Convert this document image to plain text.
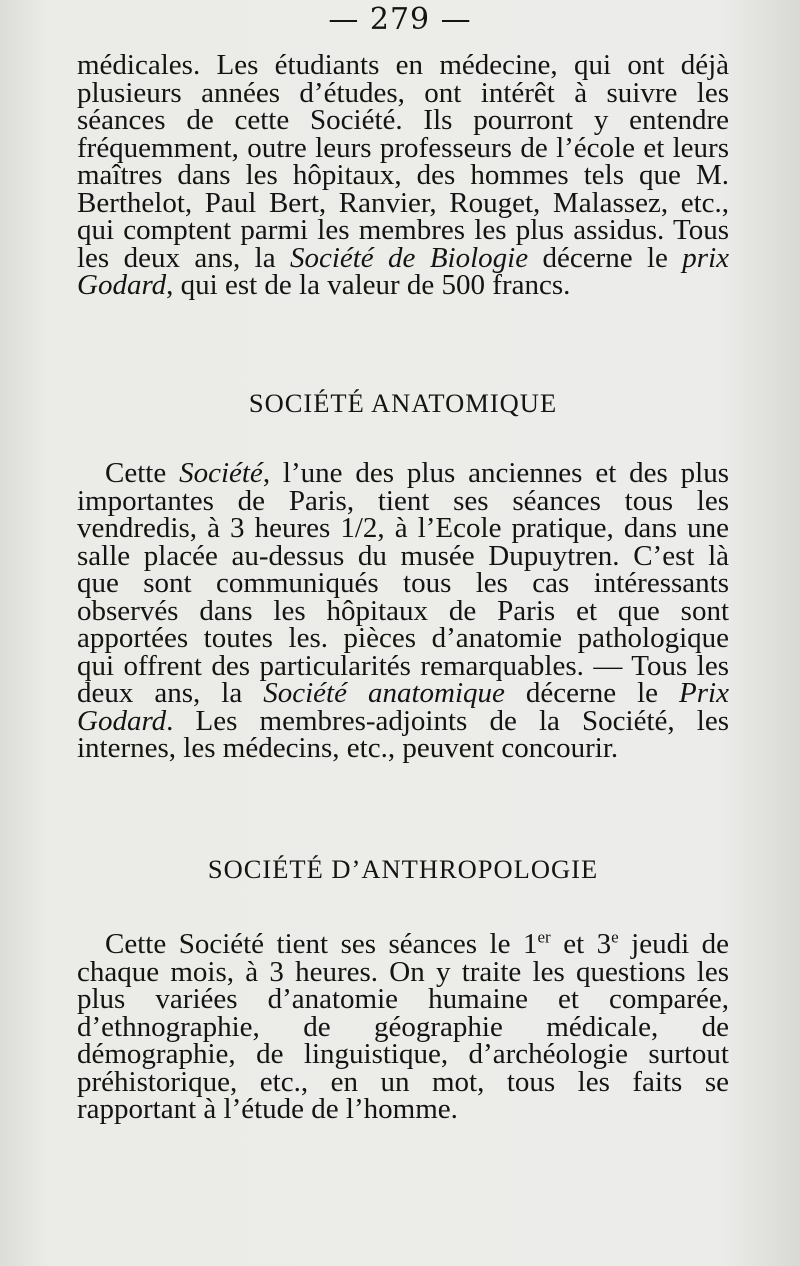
— 279 —

médicales. Les étudiants en médecine, qui ont déjà plusieurs années d’études, ont intérêt à suivre les séances de cette Société. Ils pourront y entendre fréquemment, outre leurs professeurs de l’école et leurs maîtres dans les hôpitaux, des hommes tels que M. Berthelot, Paul Bert, Ranvier, Rouget, Malassez, etc., qui comptent parmi les membres les plus assidus. Tous les deux ans, la Société de Biologie décerne le prix Godard, qui est de la valeur de 500 francs.

SOCIÉTÉ ANATOMIQUE

Cette Société, l’une des plus anciennes et des plus importantes de Paris, tient ses séances tous les vendredis, à 3 heures 1/2, à l’Ecole pratique, dans une salle placée au-dessus du musée Dupuytren. C’est là que sont communiqués tous les cas intéressants observés dans les hôpitaux de Paris et que sont apportées toutes les. pièces d’anatomie pathologique qui offrent des particularités remarquables. — Tous les deux ans, la Société anatomique décerne le Prix Godard. Les membres-adjoints de la Société, les internes, les médecins, etc., peuvent concourir.

SOCIÉTÉ D’ANTHROPOLOGIE

Cette Société tient ses séances le 1er et 3e jeudi de chaque mois, à 3 heures. On y traite les questions les plus variées d’anatomie humaine et comparée, d’ethnographie, de géographie médicale, de démographie, de linguistique, d’archéologie surtout préhistorique, etc., en un mot, tous les faits se rapportant à l’étude de l’homme.
